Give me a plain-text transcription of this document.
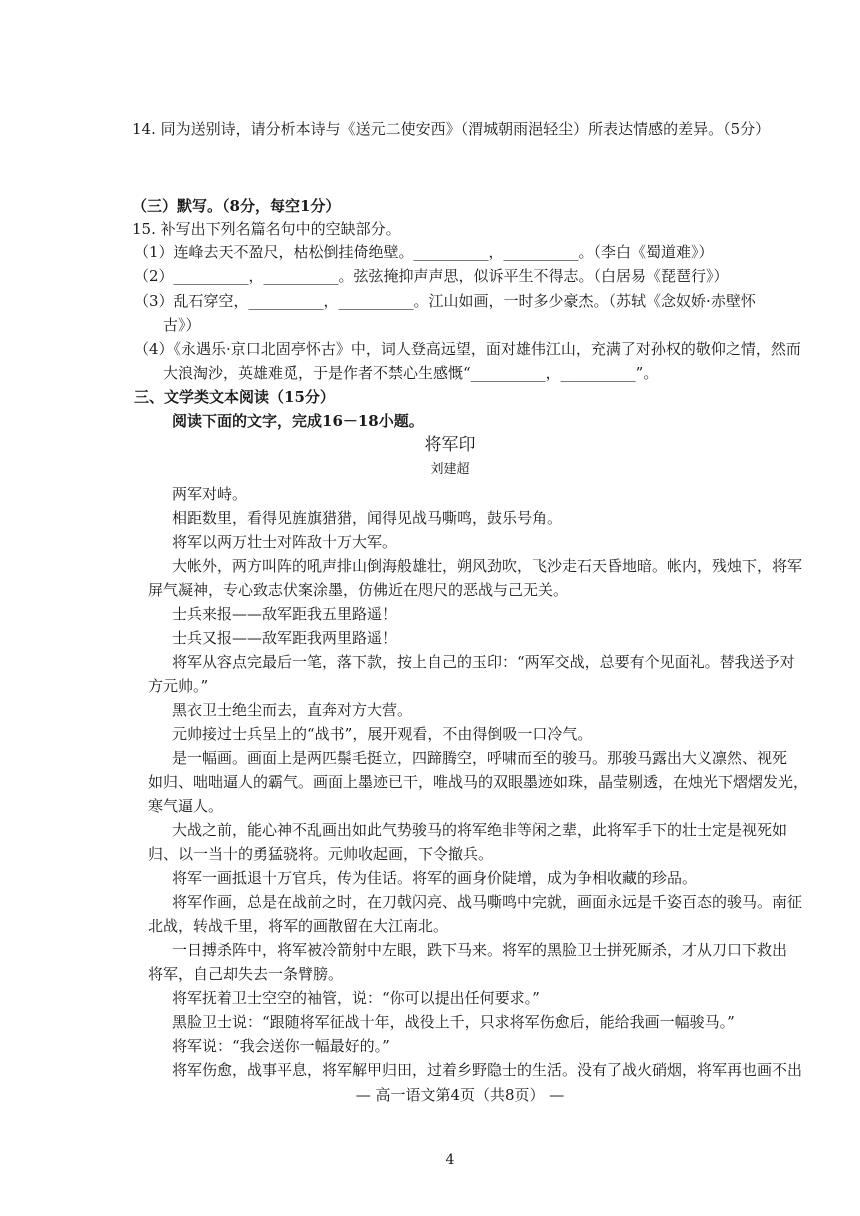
14. 同为送别诗，请分析本诗与《送元二使安西》（渭城朝雨浥轻尘）所表达情感的差异。（5分）
（三）默写。（8分，每空1分）
15. 补写出下列名篇名句中的空缺部分。
（1）连峰去天不盈尺，枯松倒挂倚绝壁。__________，__________。（李白《蜀道难》）
（2）__________，__________。弦弦掩抑声声思，似诉平生不得志。（白居易《琵琶行》）
（3）乱石穿空，__________，__________。江山如画，一时多少豪杰。（苏轼《念奴娇·赤壁怀
古》）
（4）《永遇乐·京口北固亭怀古》中，词人登高远望，面对雄伟江山，充满了对孙权的敬仰之情，然而
大浪淘沙，英雄难觅，于是作者不禁心生感慨“__________，__________”。
三、文学类文本阅读（15分）
阅读下面的文字，完成16－18小题。
将军印
刘建超
两军对峙。
相距数里，看得见旌旗猎猎，闻得见战马嘶鸣，鼓乐号角。
将军以两万壮士对阵敌十万大军。
大帐外，两方叫阵的吼声排山倒海般雄壮，朔风劲吹，飞沙走石天昏地暗。帐内，残烛下，将军
屏气凝神，专心致志伏案涂墨，仿佛近在咫尺的恶战与己无关。
士兵来报——敌军距我五里路遥！
士兵又报——敌军距我两里路遥！
将军从容点完最后一笔，落下款，按上自己的玉印：“两军交战，总要有个见面礼。替我送予对
方元帅。”
黑衣卫士绝尘而去，直奔对方大营。
元帅接过士兵呈上的“战书”，展开观看，不由得倒吸一口冷气。
是一幅画。画面上是两匹鬃毛挺立，四蹄腾空，呼啸而至的骏马。那骏马露出大义凛然、视死
如归、咄咄逼人的霸气。画面上墨迹已干，唯战马的双眼墨迹如珠，晶莹剔透，在烛光下熠熠发光，
寒气逼人。
大战之前，能心神不乱画出如此气势骏马的将军绝非等闲之辈，此将军手下的壮士定是视死如
归、以一当十的勇猛骁将。元帅收起画，下令撤兵。
将军一画抵退十万官兵，传为佳话。将军的画身价陡增，成为争相收藏的珍品。
将军作画，总是在战前之时，在刀戟闪亮、战马嘶鸣中完就，画面永远是千姿百态的骏马。南征
北战，转战千里，将军的画散留在大江南北。
一日搏杀阵中，将军被冷箭射中左眼，跌下马来。将军的黑脸卫士拼死厮杀，才从刀口下救出
将军，自己却失去一条臂膀。
将军抚着卫士空空的袖管，说：“你可以提出任何要求。”
黑脸卫士说：“跟随将军征战十年，战役上千，只求将军伤愈后，能给我画一幅骏马。”
将军说：“我会送你一幅最好的。”
将军伤愈，战事平息，将军解甲归田，过着乡野隐士的生活。没有了战火硝烟，将军再也画不出
— 高一语文第4页（共8页） —
4
